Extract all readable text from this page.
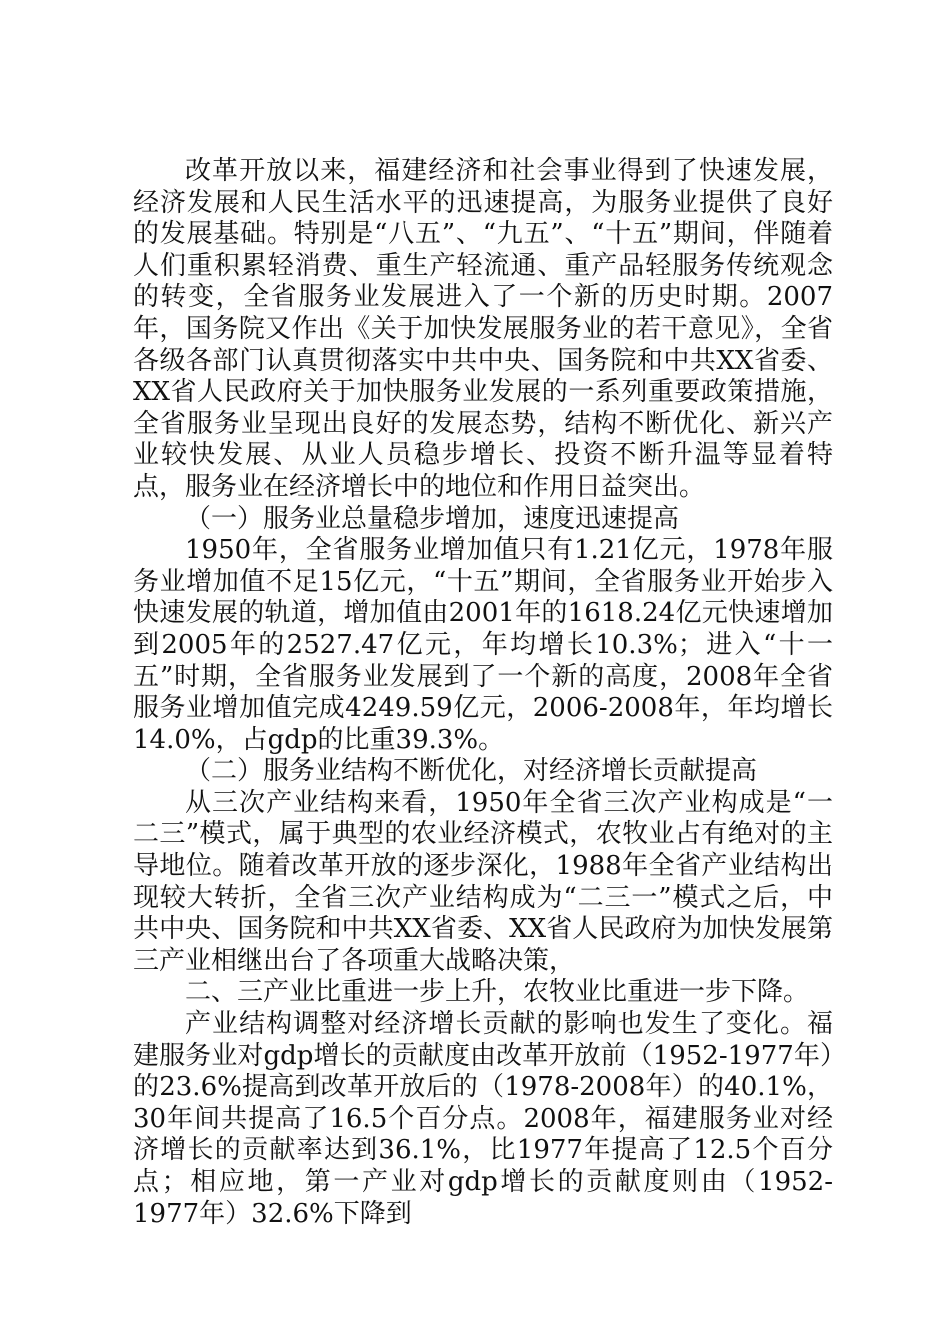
改革开放以来，福建经济和社会事业得到了快速发展，经济发展和人民生活水平的迅速提高，为服务业提供了良好的发展基础。特别是“八五”、“九五”、“十五”期间，伴随着人们重积累轻消费、重生产轻流通、重产品轻服务传统观念的转变，全省服务业发展进入了一个新的历史时期。2007年，国务院又作出《关于加快发展服务业的若干意见》，全省各级各部门认真贯彻落实中共中央、国务院和中共XX省委、XX省人民政府关于加快服务业发展的一系列重要政策措施，全省服务业呈现出良好的发展态势，结构不断优化、新兴产业较快发展、从业人员稳步增长、投资不断升温等显着特点，服务业在经济增长中的地位和作用日益突出。

（一）服务业总量稳步增加，速度迅速提高

1950年，全省服务业增加值只有1.21亿元，1978年服务业增加值不足15亿元，“十五”期间，全省服务业开始步入快速发展的轨道，增加值由2001年的1618.24亿元快速增加到2005年的2527.47亿元，年均增长10.3%；进入“十一五”时期，全省服务业发展到了一个新的高度，2008年全省服务业增加值完成4249.59亿元，2006-2008年，年均增长14.0%，占gdp的比重39.3%。

（二）服务业结构不断优化，对经济增长贡献提高

从三次产业结构来看，1950年全省三次产业构成是“一二三”模式，属于典型的农业经济模式，农牧业占有绝对的主导地位。随着改革开放的逐步深化，1988年全省产业结构出现较大转折，全省三次产业结构成为“二三一”模式之后，中共中央、国务院和中共XX省委、XX省人民政府为加快发展第三产业相继出台了各项重大战略决策，

二、三产业比重进一步上升，农牧业比重进一步下降。

产业结构调整对经济增长贡献的影响也发生了变化。福建服务业对gdp增长的贡献度由改革开放前（1952-1977年）的23.6%提高到改革开放后的（1978-2008年）的40.1%，30年间共提高了16.5个百分点。2008年，福建服务业对经济增长的贡献率达到36.1%，比1977年提高了12.5个百分点；相应地，第一产业对gdp增长的贡献度则由（1952-1977年）32.6%下降到
